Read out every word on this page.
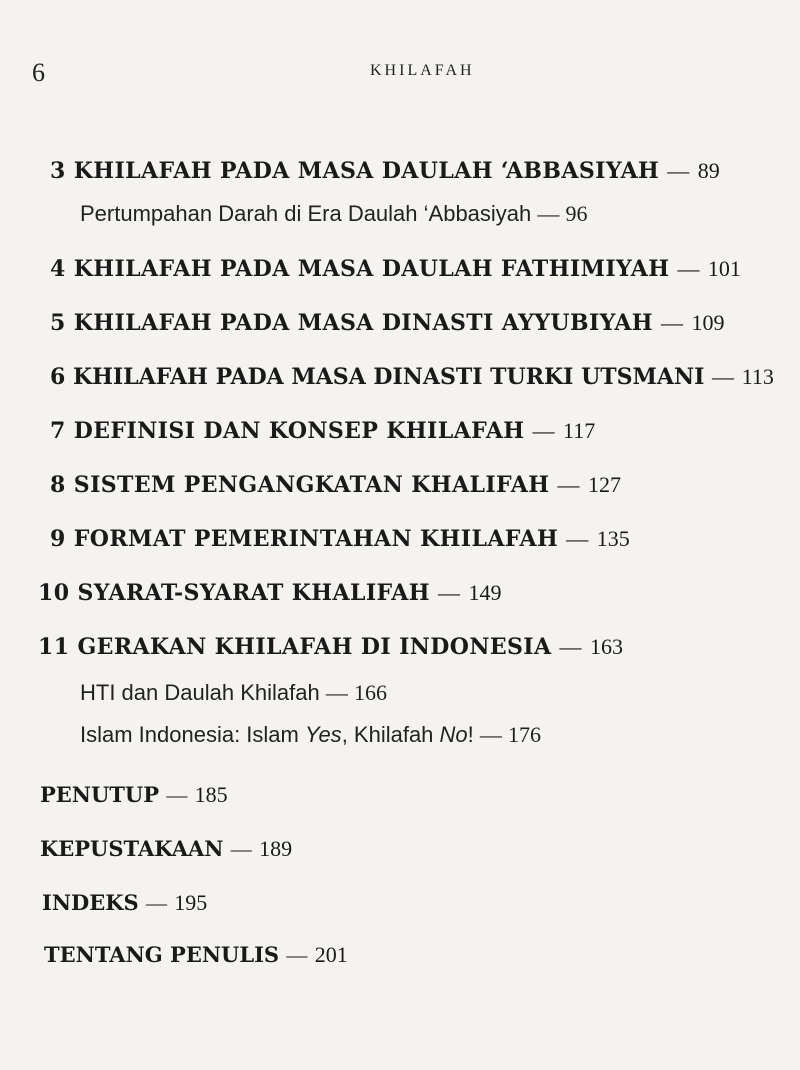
6	KHILAFAH
3 KHILAFAH PADA MASA DAULAH ‘ABBASIYAH — 89
Pertumpahan Darah di Era Daulah ‘Abbasiyah — 96
4 KHILAFAH PADA MASA DAULAH FATHIMIYAH — 101
5 KHILAFAH PADA MASA DINASTI AYYUBIYAH — 109
6 KHILAFAH PADA MASA DINASTI TURKI UTSMANI — 113
7 DEFINISI DAN KONSEP KHILAFAH — 117
8 SISTEM PENGANGKATAN KHALIFAH — 127
9 FORMAT PEMERINTAHAN KHILAFAH — 135
10 SYARAT-SYARAT KHALIFAH — 149
11 GERAKAN KHILAFAH DI INDONESIA — 163
HTI dan Daulah Khilafah — 166
Islam Indonesia: Islam Yes, Khilafah No! — 176
PENUTUP — 185
KEPUSTAKAAN — 189
INDEKS — 195
TENTANG PENULIS — 201
